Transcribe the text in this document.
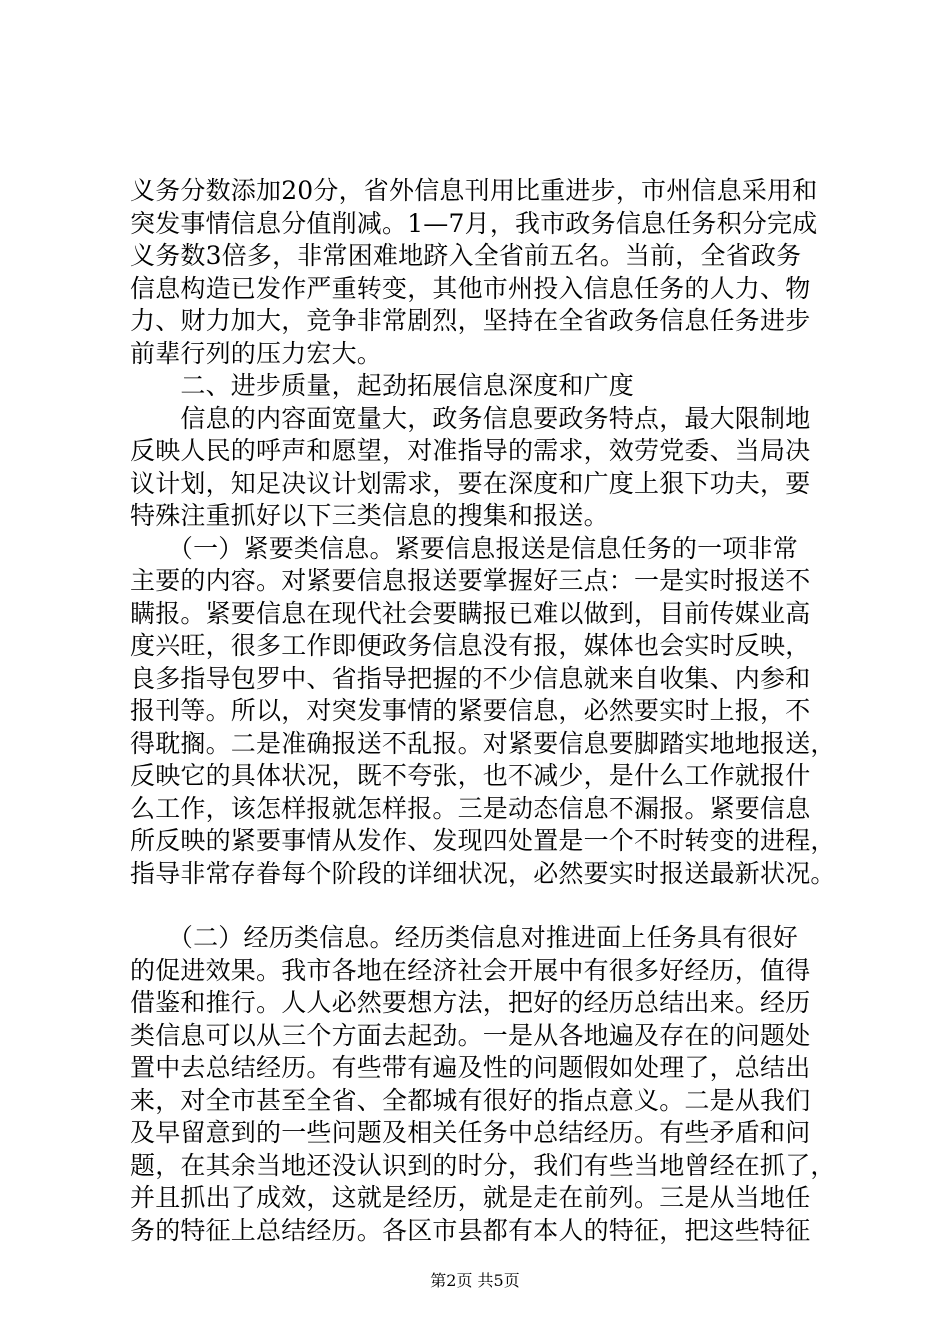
义务分数添加20分，省外信息刊用比重进步，市州信息采用和
突发事情信息分值削减。1—7月，我市政务信息任务积分完成
义务数3倍多，非常困难地跻入全省前五名。当前，全省政务
信息构造已发作严重转变，其他市州投入信息任务的人力、物
力、财力加大，竞争非常剧烈，坚持在全省政务信息任务进步
前辈行列的压力宏大。
　　二、进步质量，起劲拓展信息深度和广度
　　信息的内容面宽量大，政务信息要政务特点，最大限制地
反映人民的呼声和愿望，对准指导的需求，效劳党委、当局决
议计划，知足决议计划需求，要在深度和广度上狠下功夫，要
特殊注重抓好以下三类信息的搜集和报送。
　　（一）紧要类信息。紧要信息报送是信息任务的一项非常
主要的内容。对紧要信息报送要掌握好三点：一是实时报送不
瞒报。紧要信息在现代社会要瞒报已难以做到，目前传媒业高
度兴旺，很多工作即便政务信息没有报，媒体也会实时反映，
良多指导包罗中、省指导把握的不少信息就来自收集、内参和
报刊等。所以，对突发事情的紧要信息，必然要实时上报，不
得耽搁。二是准确报送不乱报。对紧要信息要脚踏实地地报送，
反映它的具体状况，既不夸张，也不减少，是什么工作就报什
么工作，该怎样报就怎样报。三是动态信息不漏报。紧要信息
所反映的紧要事情从发作、发现四处置是一个不时转变的进程，
指导非常存眷每个阶段的详细状况，必然要实时报送最新状况。
　　（二）经历类信息。经历类信息对推进面上任务具有很好
的促进效果。我市各地在经济社会开展中有很多好经历，值得
借鉴和推行。人人必然要想方法，把好的经历总结出来。经历
类信息可以从三个方面去起劲。一是从各地遍及存在的问题处
置中去总结经历。有些带有遍及性的问题假如处理了，总结出
来，对全市甚至全省、全都城有很好的指点意义。二是从我们
及早留意到的一些问题及相关任务中总结经历。有些矛盾和问
题，在其余当地还没认识到的时分，我们有些当地曾经在抓了，
并且抓出了成效，这就是经历，就是走在前列。三是从当地任
务的特征上总结经历。各区市县都有本人的特征，把这些特征
第2页 共5页
